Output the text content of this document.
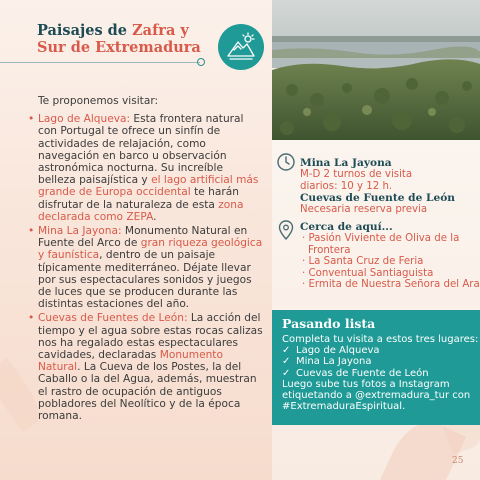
Paisajes de Zafra y
Sur de Extremadura
Te proponemos visitar:
• Lago de Alqueva: Esta frontera natural con Portugal te ofrece un sinfín de actividades de relajación, como navegación en barco u observación astronómica nocturna. Su increíble belleza paisajística y el lago artificial más grande de Europa occidental te harán disfrutar de la naturaleza de esta zona declarada como ZEPA.
• Mina La Jayona: Monumento Natural en Fuente del Arco de gran riqueza geológica y faunística, dentro de un paisaje típicamente mediterráneo. Déjate llevar por sus espectaculares sonidos y juegos de luces que se producen durante las distintas estaciones del año.
• Cuevas de Fuentes de León: La acción del tiempo y el agua sobre estas rocas calizas nos ha regalado estas espectaculares cavidades, declaradas Monumento Natural. La Cueva de los Postes, la del Caballo o la del Agua, además, muestran el rastro de ocupación de antiguos pobladores del Neolítico y de la época romana.
Mina La Jayona
M-D 2 turnos de visita
diarios: 10 y 12 h.
Cuevas de Fuente de León
Necesaria reserva previa
Cerca de aquí...
· Pasión Viviente de Oliva de la Frontera
· La Santa Cruz de Feria
· Conventual Santiaguista
· Ermita de Nuestra Señora del Ara
Pasando lista
Completa tu visita a estos tres lugares:
✓ Lago de Alqueva
✓ Mina La Jayona
✓ Cuevas de Fuente de León
Luego sube tus fotos a Instagram etiquetando a @extremadura_tur con #ExtremaduraEspiritual.
25
